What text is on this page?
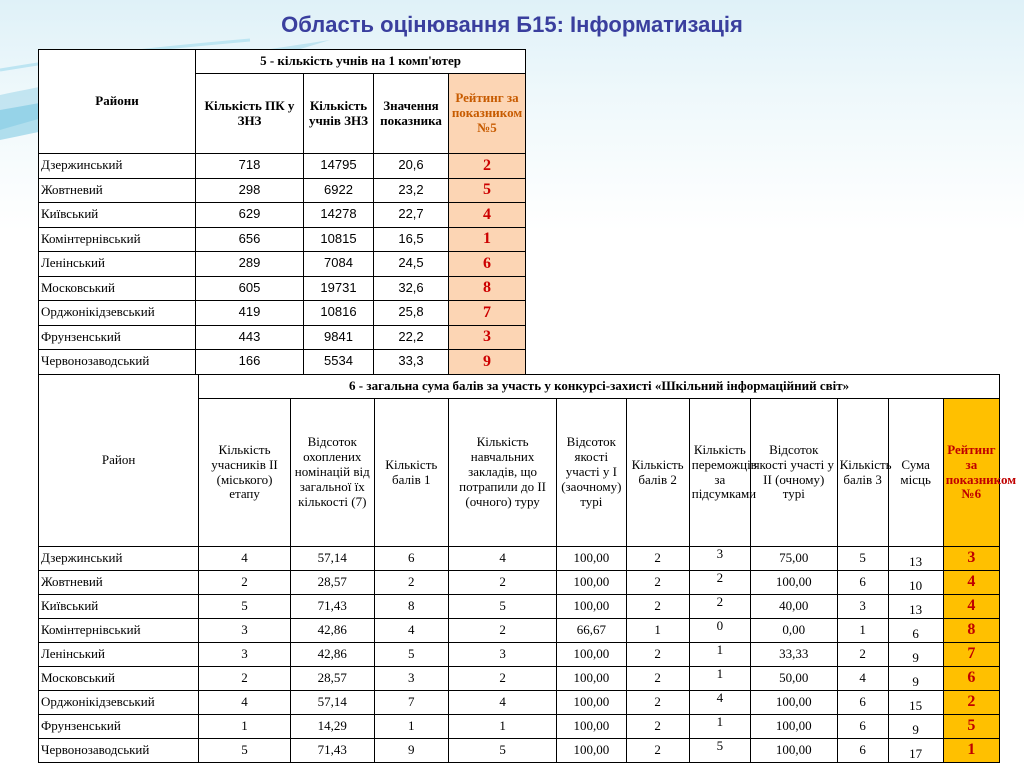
Область оцінювання Б15: Інформатизація
Райони	5 - кількість учнів на 1 комп'ютер			
	Кількість ПК у ЗНЗ	Кількість учнів ЗНЗ	Значення показника	Рейтинг за показником №5
Дзержинський	718	14795	20,6	2
Жовтневий	298	6922	23,2	5
Київський	629	14278	22,7	4
Комінтернівський	656	10815	16,5	1
Ленінський	289	7084	24,5	6
Московський	605	19731	32,6	8
Орджонікідзевський	419	10816	25,8	7
Фрунзенський	443	9841	22,2	3
Червонозаводський	166	5534	33,3	9
Район	6 - загальна сума балів за участь у конкурсі-захисті «Шкільний інформаційний світ»										
	Кількість учасників ІІ (міського) етапу	Відсоток охоплених номінацій від загальної їх кількості (7)	Кількість балів 1	Кількість навчальних закладів, що потрапили до ІІ (очного) туру	Відсоток якості участі у І (заочному) турі	Кількість балів 2	Кількість переможців за підсумками	Відсоток якості участі у ІІ (очному) турі	Кількість балів 3	Сума місць	Рейтинг за показником №6
Дзержинський	4	57,14	6	4	100,00	2	3	75,00	5	13	3
Жовтневий	2	28,57	2	2	100,00	2	2	100,00	6	10	4
Київський	5	71,43	8	5	100,00	2	2	40,00	3	13	4
Комінтернівський	3	42,86	4	2	66,67	1	0	0,00	1	6	8
Ленінський	3	42,86	5	3	100,00	2	1	33,33	2	9	7
Московський	2	28,57	3	2	100,00	2	1	50,00	4	9	6
Орджонікідзевський	4	57,14	7	4	100,00	2	4	100,00	6	15	2
Фрунзенський	1	14,29	1	1	100,00	2	1	100,00	6	9	5
Червонозаводський	5	71,43	9	5	100,00	2	5	100,00	6	17	1
